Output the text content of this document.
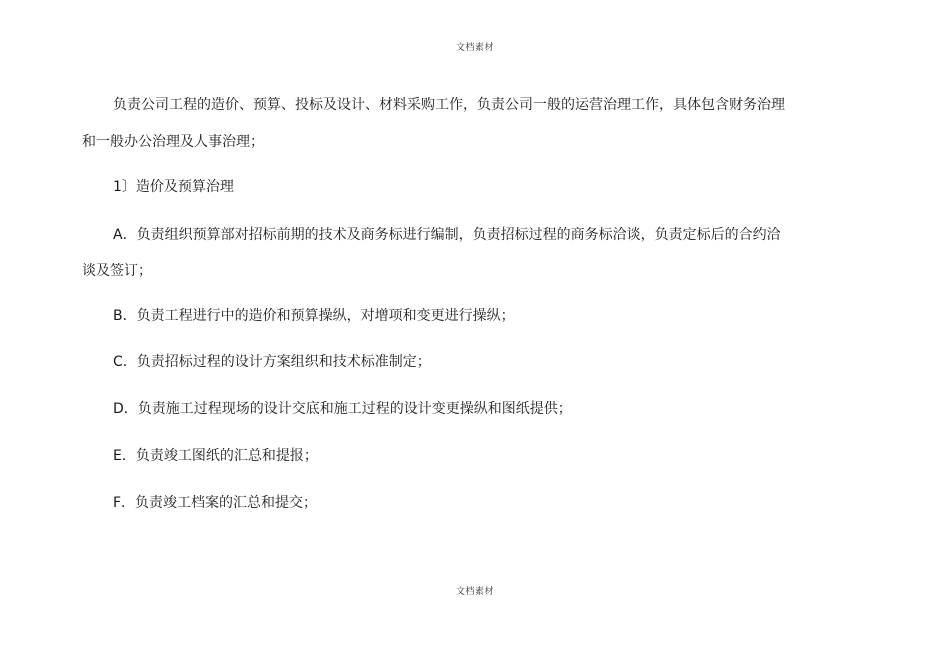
文档素材
负责公司工程的造价、预算、投标及设计、材料采购工作，负责公司一般的运营治理工作，具体包含财务治理
和一般办公治理及人事治理；
1〕造价及预算治理
A．负责组织预算部对招标前期的技术及商务标进行编制，负责招标过程的商务标洽谈，负责定标后的合约洽
谈及签订；
B．负责工程进行中的造价和预算操纵，对增项和变更进行操纵；
C．负责招标过程的设计方案组织和技术标准制定；
D．负责施工过程现场的设计交底和施工过程的设计变更操纵和图纸提供；
E．负责竣工图纸的汇总和提报；
F．负责竣工档案的汇总和提交；
文档素材
